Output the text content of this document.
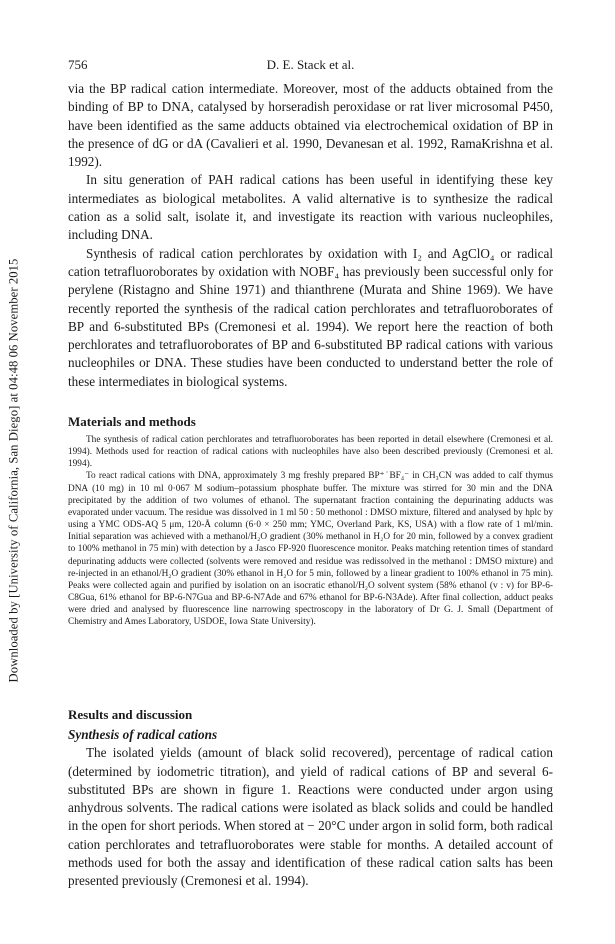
Downloaded by [University of California, San Diego] at 04:48 06 November 2015
756	D. E. Stack et al.

via the BP radical cation intermediate. Moreover, most of the adducts obtained from the binding of BP to DNA, catalysed by horseradish peroxidase or rat liver microsomal P450, have been identified as the same adducts obtained via electrochemical oxidation of BP in the presence of dG or dA (Cavalieri et al. 1990, Devanesan et al. 1992, RamaKrishna et al. 1992).

In situ generation of PAH radical cations has been useful in identifying these key intermediates as biological metabolites. A valid alternative is to synthesize the radical cation as a solid salt, isolate it, and investigate its reaction with various nucleophiles, including DNA.

Synthesis of radical cation perchlorates by oxidation with I₂ and AgClO₄ or radical cation tetrafluoroborates by oxidation with NOBF₄ has previously been successful only for perylene (Ristagno and Shine 1971) and thianthrene (Murata and Shine 1969). We have recently reported the synthesis of the radical cation perchlorates and tetrafluoroborates of BP and 6-substituted BPs (Cremonesi et al. 1994). We report here the reaction of both perchlorates and tetrafluoroborates of BP and 6-substituted BP radical cations with various nucleophiles or DNA. These studies have been conducted to understand better the role of these intermediates in biological systems.

Materials and methods

The synthesis of radical cation perchlorates and tetrafluoroborates has been reported in detail elsewhere (Cremonesi et al. 1994). Methods used for reaction of radical cations with nucleophiles have also been described previously (Cremonesi et al. 1994).

To react radical cations with DNA, approximately 3 mg freshly prepared BP⁺˙BF₄⁻ in CH₃CN was added to calf thymus DNA (10 mg) in 10 ml 0·067 M sodium–potassium phosphate buffer. The mixture was stirred for 30 min and the DNA precipitated by the addition of two volumes of ethanol. The supernatant fraction containing the depurinating adducts was evaporated under vacuum. The residue was dissolved in 1 ml 50 : 50 methonol : DMSO mixture, filtered and analysed by hplc by using a YMC ODS-AQ 5 μm, 120-Å column (6·0 × 250 mm; YMC, Overland Park, KS, USA) with a flow rate of 1 ml/min. Initial separation was achieved with a methanol/H₂O gradient (30% methanol in H₂O for 20 min, followed by a convex gradient to 100% methanol in 75 min) with detection by a Jasco FP-920 fluorescence monitor. Peaks matching retention times of standard depurinating adducts were collected (solvents were removed and residue was redissolved in the methanol : DMSO mixture) and re-injected in an ethanol/H₂O gradient (30% ethanol in H₂O for 5 min, followed by a linear gradient to 100% ethanol in 75 min). Peaks were collected again and purified by isolation on an isocratic ethanol/H₂O solvent system (58% ethanol (v : v) for BP-6-C8Gua, 61% ethanol for BP-6-N7Gua and BP-6-N7Ade and 67% ethanol for BP-6-N3Ade). After final collection, adduct peaks were dried and analysed by fluorescence line narrowing spectroscopy in the laboratory of Dr G. J. Small (Department of Chemistry and Ames Laboratory, USDOE, Iowa State University).

Results and discussion
Synthesis of radical cations

The isolated yields (amount of black solid recovered), percentage of radical cation (determined by iodometric titration), and yield of radical cations of BP and several 6-substituted BPs are shown in figure 1. Reactions were conducted under argon using anhydrous solvents. The radical cations were isolated as black solids and could be handled in the open for short periods. When stored at − 20°C under argon in solid form, both radical cation perchlorates and tetrafluoroborates were stable for months. A detailed account of methods used for both the assay and identification of these radical cation salts has been presented previously (Cremonesi et al. 1994).
